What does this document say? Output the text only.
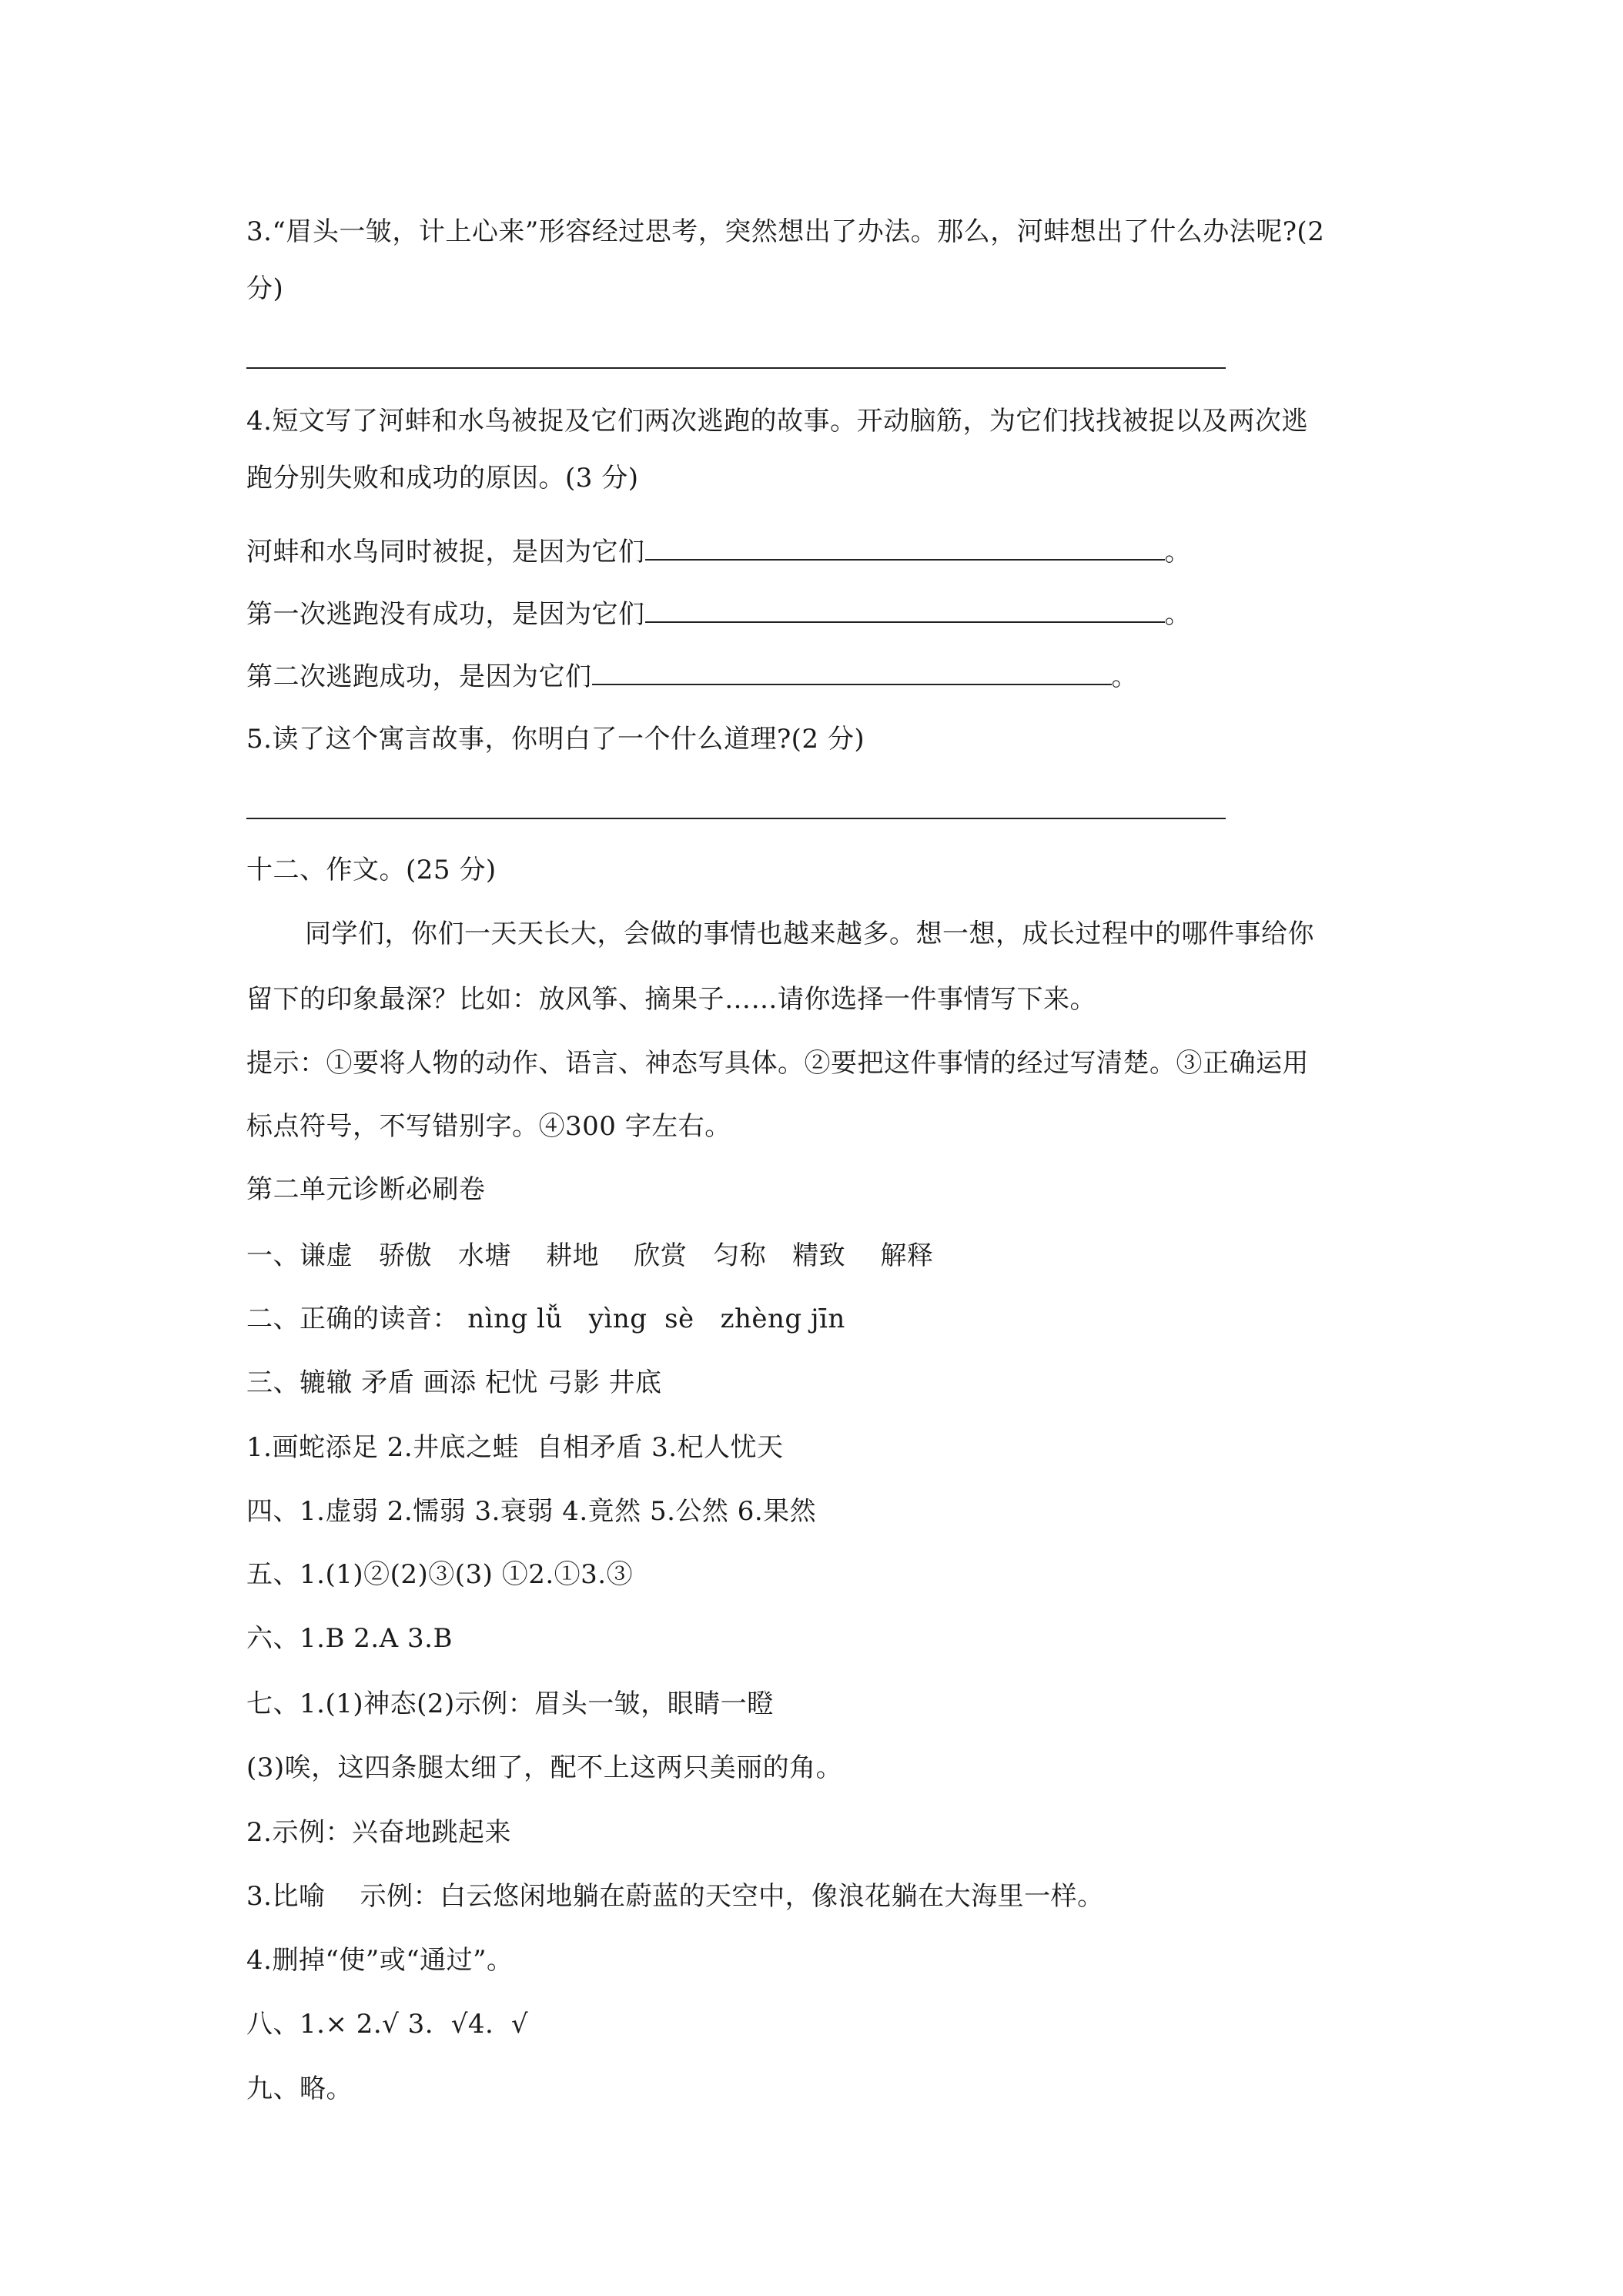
3.“眉头一皱，计上心来”形容经过思考，突然想出了办法。那么，河蚌想出了什么办法呢?(2
分)
4.短文写了河蚌和水鸟被捉及它们两次逃跑的故事。开动脑筋，为它们找找被捉以及两次逃
跑分别失败和成功的原因。(3 分)
河蚌和水鸟同时被捉，是因为它们	。
第一次逃跑没有成功，是因为它们	。
第二次逃跑成功，是因为它们	。
5.读了这个寓言故事，你明白了一个什么道理?(2 分)
十二、作文。(25 分)
同学们，你们一天天长大，会做的事情也越来越多。想一想，成长过程中的哪件事给你
留下的印象最深？比如：放风筝、摘果子……请你选择一件事情写下来。
提示：①要将人物的动作、语言、神态写具体。②要把这件事情的经过写清楚。③正确运用
标点符号，不写错别字。④300 字左右。
第二单元诊断必刷卷
一、谦虚   骄傲   水塘    耕地    欣赏   匀称   精致    解释
二、正确的读音： nìng lǚ   yìng  sè   zhèng jīn
三、辘辙 矛盾 画添 杞忧 弓影 井底
1.画蛇添足 2.井底之蛙  自相矛盾 3.杞人忧天
四、1.虚弱 2.懦弱 3.衰弱 4.竟然 5.公然 6.果然
五、1.(1)②(2)③(3) ①2.①3.③
六、1.B 2.A 3.B
七、1.(1)神态(2)示例：眉头一皱，眼睛一瞪
(3)唉，这四条腿太细了，配不上这两只美丽的角。
2.示例：兴奋地跳起来
3.比喻    示例：白云悠闲地躺在蔚蓝的天空中，像浪花躺在大海里一样。
4.删掉“使”或“通过”。
八、1.× 2.√ 3.  √4.  √
九、略。
